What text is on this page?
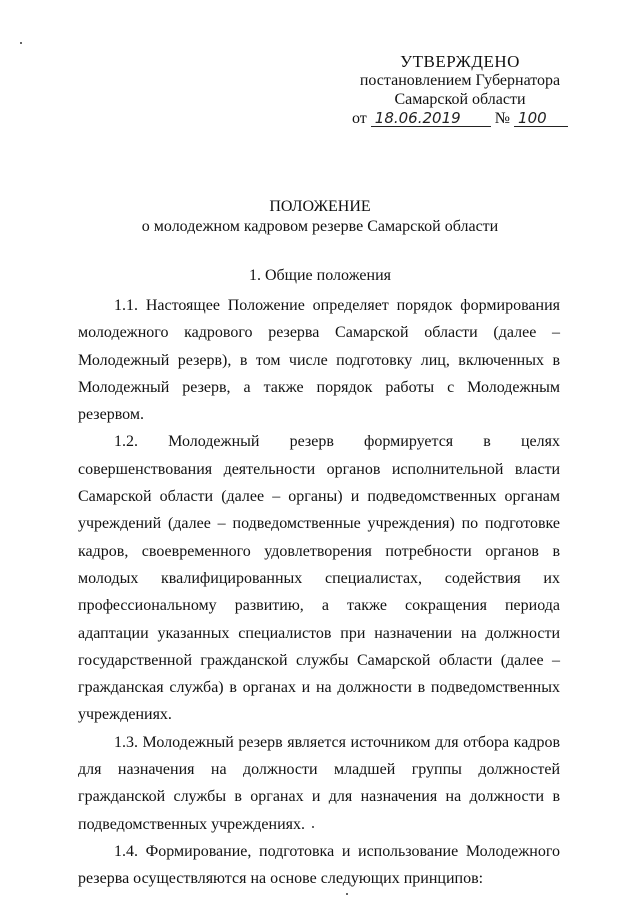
УТВЕРЖДЕНО
постановлением Губернатора
Самарской области
от 18.06.2019 № 100
ПОЛОЖЕНИЕ
о молодежном кадровом резерве Самарской области
1. Общие положения

1.1. Настоящее Положение определяет порядок формирования молодежного кадрового резерва Самарской области (далее – Молодежный резерв), в том числе подготовку лиц, включенных в Молодежный резерв, а также порядок работы с Молодежным резервом.

1.2. Молодежный резерв формируется в целях совершенствования деятельности органов исполнительной власти Самарской области (далее – органы) и подведомственных органам учреждений (далее – подведомственные учреждения) по подготовке кадров, своевременного удовлетворения потребности органов в молодых квалифицированных специалистах, содействия их профессиональному развитию, а также сокращения периода адаптации указанных специалистов при назначении на должности государственной гражданской службы Самарской области (далее – гражданская служба) в органах и на должности в подведомственных учреждениях.

1.3. Молодежный резерв является источником для отбора кадров для назначения на должности младшей группы должностей гражданской службы в органах и для назначения на должности в подведомственных учреждениях.

1.4. Формирование, подготовка и использование Молодежного резерва осуществляются на основе следующих принципов:
